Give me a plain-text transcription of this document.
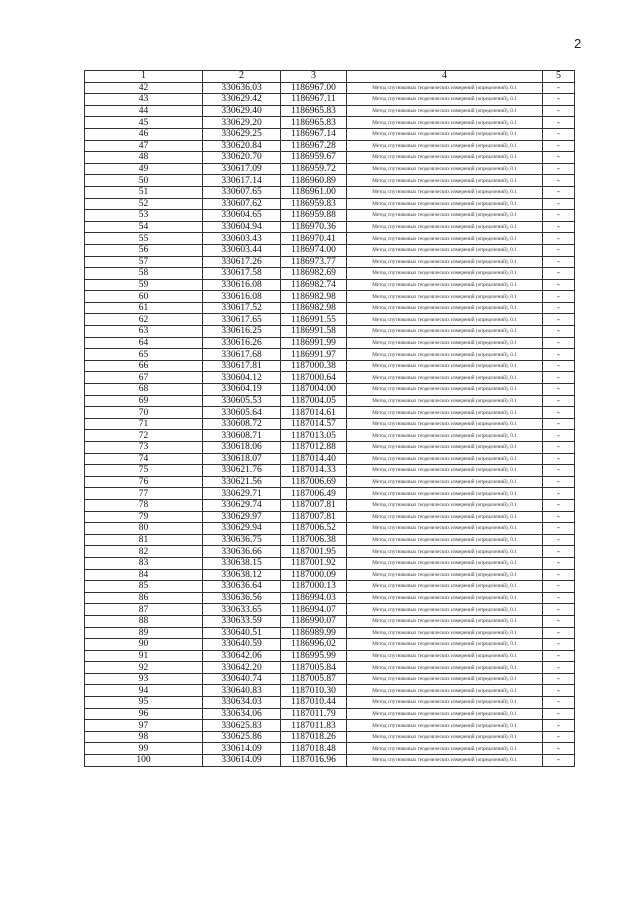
2
1	2	3	4	5
42	330636.03	1186967.00	Метод спутниковых геодезических измерений (определений), 0.1	-
43	330629.42	1186967.11	Метод спутниковых геодезических измерений (определений), 0.1	-
44	330629.40	1186965.83	Метод спутниковых геодезических измерений (определений), 0.1	-
45	330629.20	1186965.83	Метод спутниковых геодезических измерений (определений), 0.1	-
46	330629.25	1186967.14	Метод спутниковых геодезических измерений (определений), 0.1	-
47	330620.84	1186967.28	Метод спутниковых геодезических измерений (определений), 0.1	-
48	330620.70	1186959.67	Метод спутниковых геодезических измерений (определений), 0.1	-
49	330617.09	1186959.72	Метод спутниковых геодезических измерений (определений), 0.1	-
50	330617.14	1186960.89	Метод спутниковых геодезических измерений (определений), 0.1	-
51	330607.65	1186961.00	Метод спутниковых геодезических измерений (определений), 0.1	-
52	330607.62	1186959.83	Метод спутниковых геодезических измерений (определений), 0.1	-
53	330604.65	1186959.88	Метод спутниковых геодезических измерений (определений), 0.1	-
54	330604.94	1186970.36	Метод спутниковых геодезических измерений (определений), 0.1	-
55	330603.43	1186970.41	Метод спутниковых геодезических измерений (определений), 0.1	-
56	330603.44	1186974.00	Метод спутниковых геодезических измерений (определений), 0.1	-
57	330617.26	1186973.77	Метод спутниковых геодезических измерений (определений), 0.1	-
58	330617.58	1186982.69	Метод спутниковых геодезических измерений (определений), 0.1	-
59	330616.08	1186982.74	Метод спутниковых геодезических измерений (определений), 0.1	-
60	330616.08	1186982.98	Метод спутниковых геодезических измерений (определений), 0.1	-
61	330617.52	1186982.98	Метод спутниковых геодезических измерений (определений), 0.1	-
62	330617.65	1186991.55	Метод спутниковых геодезических измерений (определений), 0.1	-
63	330616.25	1186991.58	Метод спутниковых геодезических измерений (определений), 0.1	-
64	330616.26	1186991.99	Метод спутниковых геодезических измерений (определений), 0.1	-
65	330617.68	1186991.97	Метод спутниковых геодезических измерений (определений), 0.1	-
66	330617.81	1187000.38	Метод спутниковых геодезических измерений (определений), 0.1	-
67	330604.12	1187000.64	Метод спутниковых геодезических измерений (определений), 0.1	-
68	330604.19	1187004.00	Метод спутниковых геодезических измерений (определений), 0.1	-
69	330605.53	1187004.05	Метод спутниковых геодезических измерений (определений), 0.1	-
70	330605.64	1187014.61	Метод спутниковых геодезических измерений (определений), 0.1	-
71	330608.72	1187014.57	Метод спутниковых геодезических измерений (определений), 0.1	-
72	330608.71	1187013.05	Метод спутниковых геодезических измерений (определений), 0.1	-
73	330618.06	1187012.88	Метод спутниковых геодезических измерений (определений), 0.1	-
74	330618.07	1187014.40	Метод спутниковых геодезических измерений (определений), 0.1	-
75	330621.76	1187014.33	Метод спутниковых геодезических измерений (определений), 0.1	-
76	330621.56	1187006.69	Метод спутниковых геодезических измерений (определений), 0.1	-
77	330629.71	1187006.49	Метод спутниковых геодезических измерений (определений), 0.1	-
78	330629.74	1187007.81	Метод спутниковых геодезических измерений (определений), 0.1	-
79	330629.97	1187007.81	Метод спутниковых геодезических измерений (определений), 0.1	-
80	330629.94	1187006.52	Метод спутниковых геодезических измерений (определений), 0.1	-
81	330636.75	1187006.38	Метод спутниковых геодезических измерений (определений), 0.1	-
82	330636.66	1187001.95	Метод спутниковых геодезических измерений (определений), 0.1	-
83	330638.15	1187001.92	Метод спутниковых геодезических измерений (определений), 0.1	-
84	330638.12	1187000.09	Метод спутниковых геодезических измерений (определений), 0.1	-
85	330636.64	1187000.13	Метод спутниковых геодезических измерений (определений), 0.1	-
86	330636.56	1186994.03	Метод спутниковых геодезических измерений (определений), 0.1	-
87	330633.65	1186994.07	Метод спутниковых геодезических измерений (определений), 0.1	-
88	330633.59	1186990.07	Метод спутниковых геодезических измерений (определений), 0.1	-
89	330640.51	1186989.99	Метод спутниковых геодезических измерений (определений), 0.1	-
90	330640.59	1186996.02	Метод спутниковых геодезических измерений (определений), 0.1	-
91	330642.06	1186995.99	Метод спутниковых геодезических измерений (определений), 0.1	-
92	330642.20	1187005.84	Метод спутниковых геодезических измерений (определений), 0.1	-
93	330640.74	1187005.87	Метод спутниковых геодезических измерений (определений), 0.1	-
94	330640.83	1187010.30	Метод спутниковых геодезических измерений (определений), 0.1	-
95	330634.03	1187010.44	Метод спутниковых геодезических измерений (определений), 0.1	-
96	330634.06	1187011.79	Метод спутниковых геодезических измерений (определений), 0.1	-
97	330625.83	1187011.83	Метод спутниковых геодезических измерений (определений), 0.1	-
98	330625.86	1187018.26	Метод спутниковых геодезических измерений (определений), 0.1	-
99	330614.09	1187018.48	Метод спутниковых геодезических измерений (определений), 0.1	-
100	330614.09	1187016.96	Метод спутниковых геодезических измерений (определений), 0.1	-
